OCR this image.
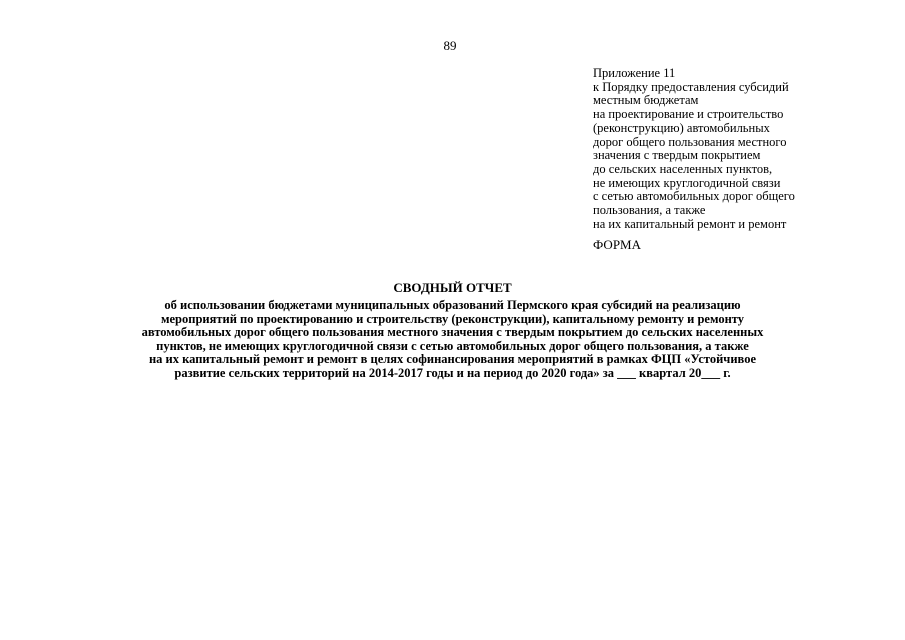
89
Приложение 11
к Порядку предоставления субсидий
местным бюджетам
на проектирование и строительство
(реконструкцию) автомобильных
дорог общего пользования местного
значения с твердым покрытием
до сельских населенных пунктов,
не имеющих круглогодичной связи
с сетью автомобильных дорог общего
пользования, а также
на их капитальный ремонт и ремонт
ФОРМА
СВОДНЫЙ ОТЧЕТ
об использовании бюджетами муниципальных образований Пермского края субсидий на реализацию
мероприятий по проектированию и строительству (реконструкции), капитальному ремонту и ремонту
автомобильных дорог общего пользования местного значения с твердым покрытием до сельских населенных
пунктов, не имеющих круглогодичной связи с сетью автомобильных дорог общего пользования, а также
на их капитальный ремонт и ремонт в целях софинансирования мероприятий в рамках ФЦП «Устойчивое
развитие сельских территорий на 2014-2017 годы и на период до 2020 года» за ___ квартал 20___ г.
